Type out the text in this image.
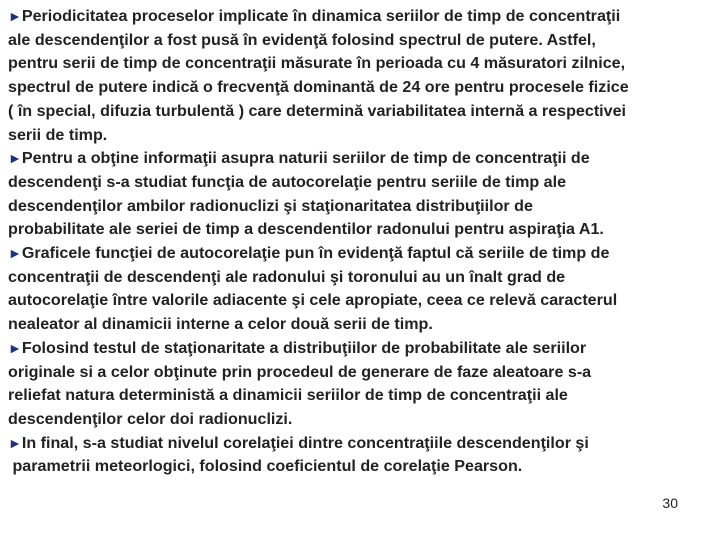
►Periodicitatea proceselor implicate în dinamica seriilor de timp de concentraţii
ale descendenţilor a fost pusă în evidenţă folosind spectrul de putere. Astfel,
pentru serii de timp de concentraţii măsurate în perioada cu 4 măsuratori zilnice,
spectrul de putere indică o frecvenţă dominantă de 24 ore pentru procesele fizice
( în special, difuzia turbulentă ) care determină variabilitatea internă a respectivei
serii de timp.

►Pentru a obţine informaţii asupra naturii seriilor de timp de concentraţii de
descendenţi s-a studiat funcţia de autocorelaţie pentru seriile de timp ale
descendenţilor ambilor radionuclizi şi staţionaritatea distribuţiilor de
probabilitate ale seriei de timp a descendentilor radonului pentru aspiraţia A1.

►Graficele funcţiei de autocorelaţie pun în evidenţă faptul că seriile de timp de
concentraţii de descendenţi ale radonului şi toronului au un înalt grad de
autocorelaţie între valorile adiacente şi cele apropiate, ceea ce relevă caracterul
nealeator al dinamicii interne a celor două serii de timp.

►Folosind testul de staţionaritate a distribuţiilor de probabilitate ale seriilor
originale si a celor obţinute prin procedeul de generare de faze aleatoare s-a
reliefat natura deterministă a dinamicii seriilor de timp de concentraţii ale
descendenţilor celor doi radionuclizi.

►In final, s-a studiat nivelul corelaţiei dintre concentraţiile descendenţilor şi
parametrii meteorlogici, folosind coeficientul de corelaţie Pearson.

30
